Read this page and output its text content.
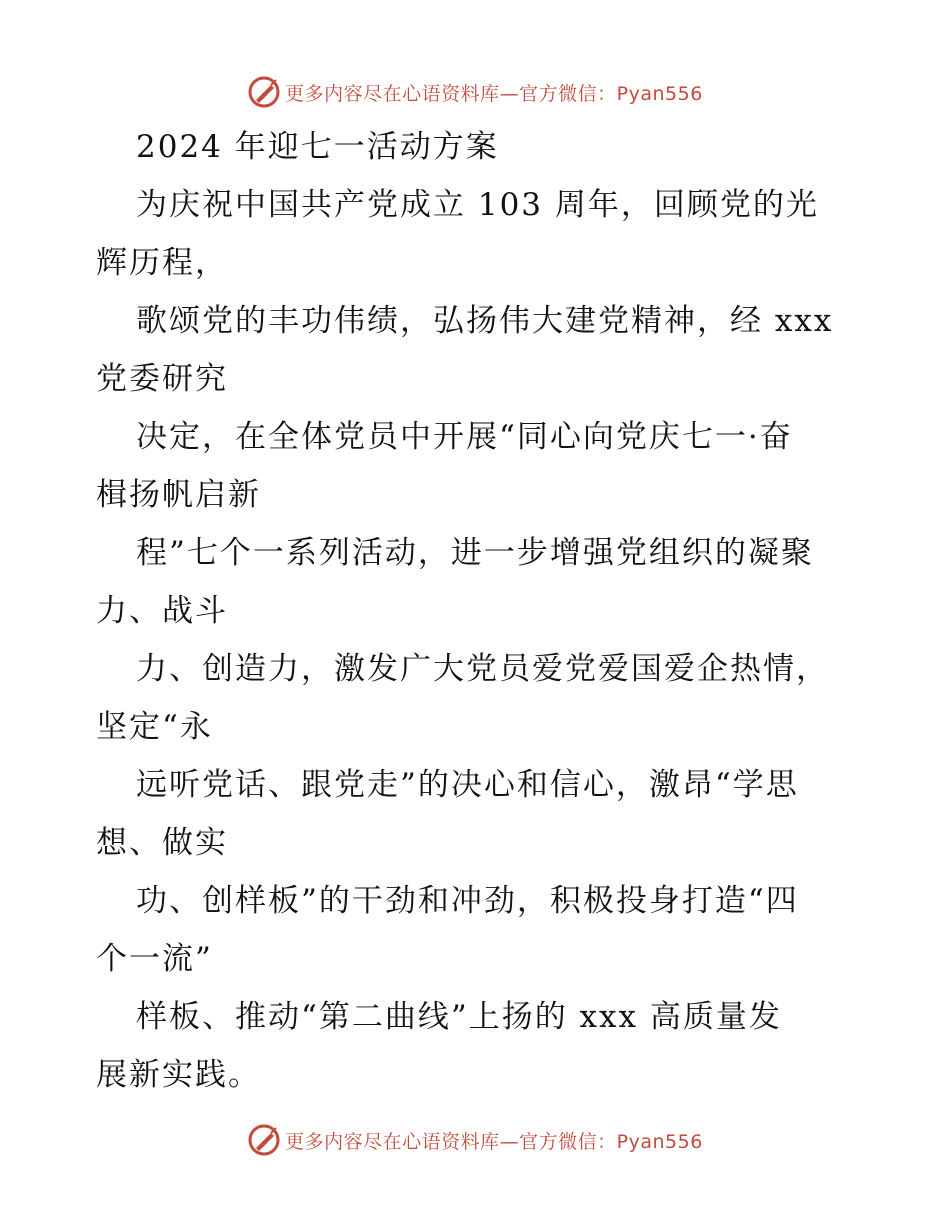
更多内容尽在心语资料库—官方微信：Pyan556
2024 年迎七一活动方案
为庆祝中国共产党成立 103 周年，回顾党的光
辉历程，
歌颂党的丰功伟绩，弘扬伟大建党精神，经 xxx
党委研究
决定，在全体党员中开展“同心向党庆七一·奋
楫扬帆启新
程”七个一系列活动，进一步增强党组织的凝聚
力、战斗
力、创造力，激发广大党员爱党爱国爱企热情，
坚定“永
远听党话、跟党走”的决心和信心，激昂“学思
想、做实
功、创样板”的干劲和冲劲，积极投身打造“四
个一流”
样板、推动“第二曲线”上扬的 xxx 高质量发
展新实践。
更多内容尽在心语资料库—官方微信：Pyan556
